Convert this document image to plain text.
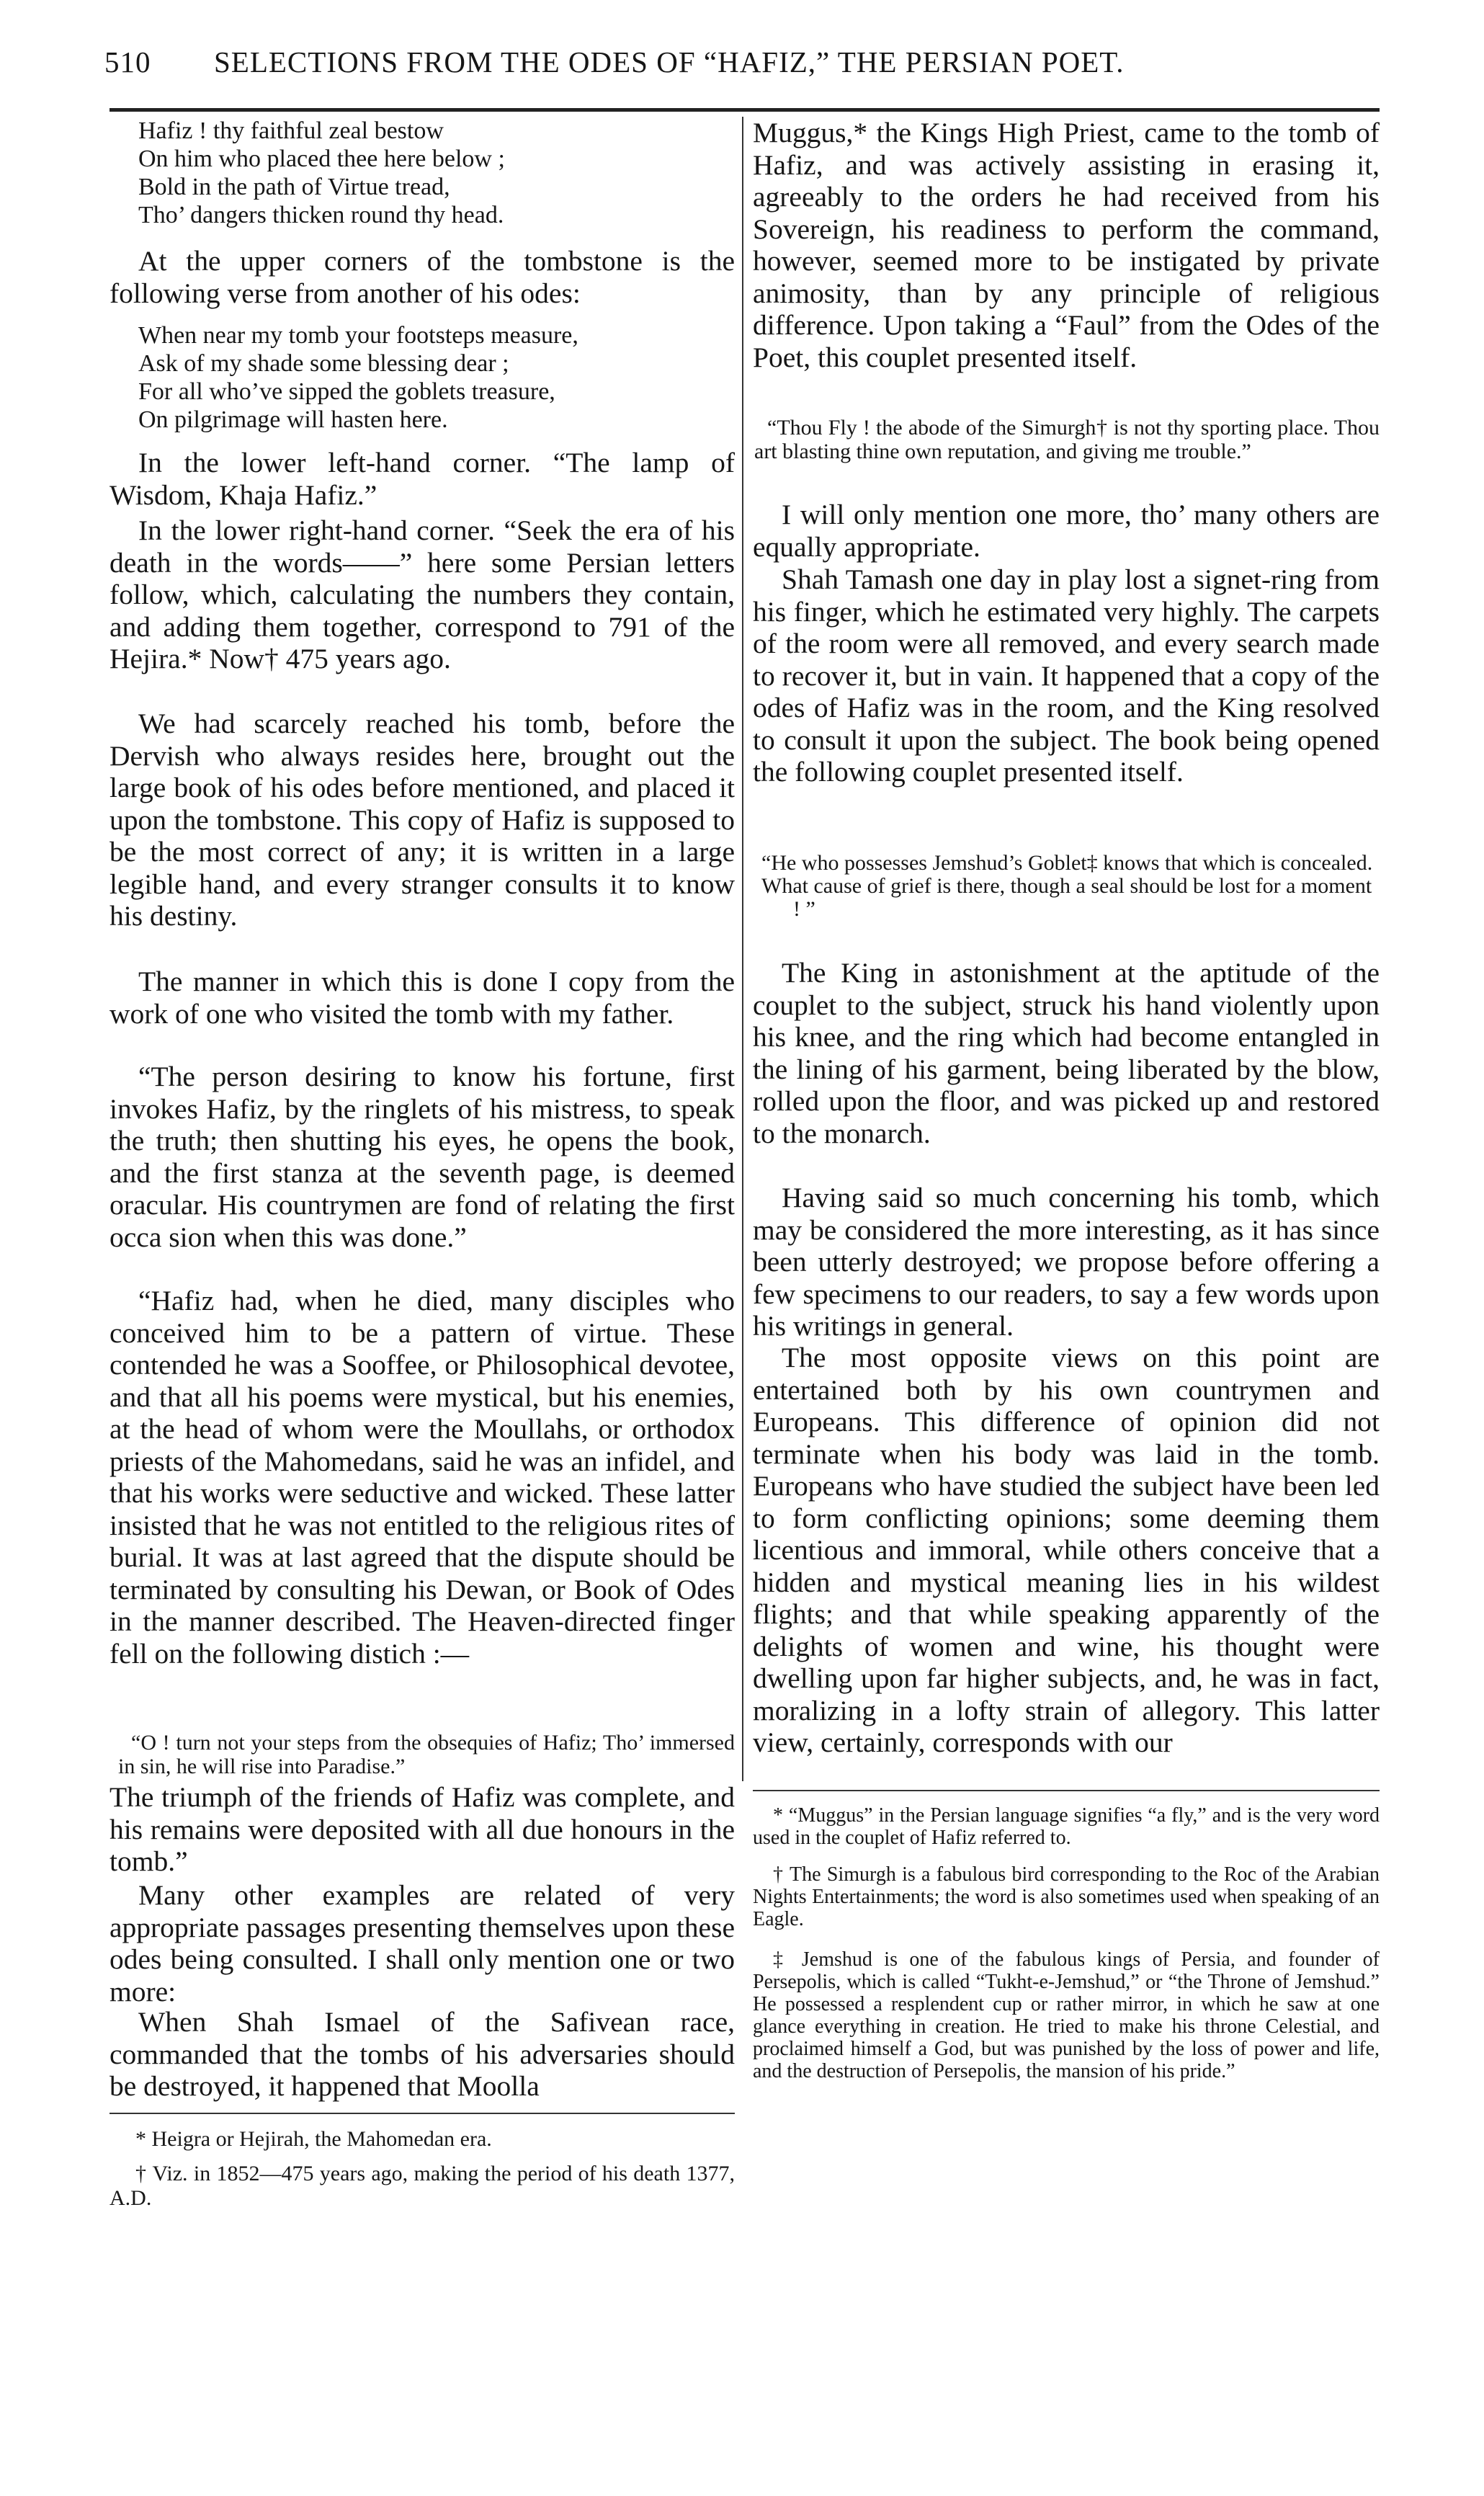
510 SELECTIONS FROM THE ODES OF “HAFIZ,” THE PERSIAN POET.
Hafiz ! thy faithful zeal bestow
On him who placed thee here below ;
Bold in the path of Virtue tread,
Tho’ dangers thicken round thy head.

At the upper corners of the tombstone is the following verse from another of his odes:

When near my tomb your footsteps measure,
Ask of my shade some blessing dear ;
For all who’ve sipped the goblets treasure,
On pilgrimage will hasten here.

In the lower left-hand corner. “The lamp of Wisdom, Khaja Hafiz.”

In the lower right-hand corner. “Seek the era of his death in the words——” here some Persian letters follow, which, calculating the numbers they contain, and adding them together, correspond to 791 of the Hejira.* Now† 475 years ago.

We had scarcely reached his tomb, before the Dervish who always resides here, brought out the large book of his odes before mentioned, and placed it upon the tombstone. This copy of Hafiz is supposed to be the most correct of any; it is written in a large legible hand, and every stranger consults it to know his destiny.

The manner in which this is done I copy from the work of one who visited the tomb with my father.

“The person desiring to know his fortune, first invokes Hafiz, by the ringlets of his mistress, to speak the truth; then shutting his eyes, he opens the book, and the first stanza at the seventh page, is deemed oracular. His countrymen are fond of relating the first occa sion when this was done.”

“Hafiz had, when he died, many disciples who conceived him to be a pattern of virtue. These contended he was a Sooffee, or Philosophical devotee, and that all his poems were mystical, but his enemies, at the head of whom were the Moullahs, or orthodox priests of the Mahomedans, said he was an infidel, and that his works were seductive and wicked. These latter insisted that he was not entitled to the religious rites of burial. It was at last agreed that the dispute should be terminated by consulting his Dewan, or Book of Odes in the manner described. The Heaven-directed finger fell on the following distich :—

“O ! turn not your steps from the obsequies of Hafiz; Tho’ immersed in sin, he will rise into Paradise.”

The triumph of the friends of Hafiz was complete, and his remains were deposited with all due honours in the tomb.”

Many other examples are related of very appropriate passages presenting themselves upon these odes being consulted. I shall only mention one or two more:

When Shah Ismael of the Safivean race, commanded that the tombs of his adversaries should be destroyed, it happened that Moolla

* Heigra or Hejirah, the Mahomedan era.

† Viz. in 1852—475 years ago, making the period of his death 1377, A.D.

Muggus,* the Kings High Priest, came to the tomb of Hafiz, and was actively assisting in erasing it, agreeably to the orders he had received from his Sovereign, his readiness to perform the command, however, seemed more to be instigated by private animosity, than by any principle of religious difference. Upon taking a “Faul” from the Odes of the Poet, this couplet presented itself.

“Thou Fly ! the abode of the Simurgh† is not thy sporting place. Thou art blasting thine own reputation, and giving me trouble.”

I will only mention one more, tho’ many others are equally appropriate.

Shah Tamash one day in play lost a signet-ring from his finger, which he estimated very highly. The carpets of the room were all removed, and every search made to recover it, but in vain. It happened that a copy of the odes of Hafiz was in the room, and the King resolved to consult it upon the subject. The book being opened the following couplet presented itself.

“He who possesses Jemshud’s Goblet‡ knows that which is concealed.
What cause of grief is there, though a seal should be lost for a moment ! ”

The King in astonishment at the aptitude of the couplet to the subject, struck his hand violently upon his knee, and the ring which had become entangled in the lining of his garment, being liberated by the blow, rolled upon the floor, and was picked up and restored to the monarch.

Having said so much concerning his tomb, which may be considered the more interesting, as it has since been utterly destroyed; we propose before offering a few specimens to our readers, to say a few words upon his writings in general.

The most opposite views on this point are entertained both by his own countrymen and Europeans. This difference of opinion did not terminate when his body was laid in the tomb. Europeans who have studied the subject have been led to form conflicting opinions; some deeming them licentious and immoral, while others conceive that a hidden and mystical meaning lies in his wildest flights; and that while speaking apparently of the delights of women and wine, his thought were dwelling upon far higher subjects, and, he was in fact, moralizing in a lofty strain of allegory. This latter view, certainly, corresponds with our

* “Muggus” in the Persian language signifies “a fly,” and is the very word used in the couplet of Hafiz referred to.

† The Simurgh is a fabulous bird corresponding to the Roc of the Arabian Nights Entertainments; the word is also sometimes used when speaking of an Eagle.

‡ Jemshud is one of the fabulous kings of Persia, and founder of Persepolis, which is called “Tukht-e-Jemshud,” or “the Throne of Jemshud.” He possessed a resplendent cup or rather mirror, in which he saw at one glance everything in creation. He tried to make his throne Celestial, and proclaimed himself a God, but was punished by the loss of power and life, and the destruction of Persepolis, the mansion of his pride.”
